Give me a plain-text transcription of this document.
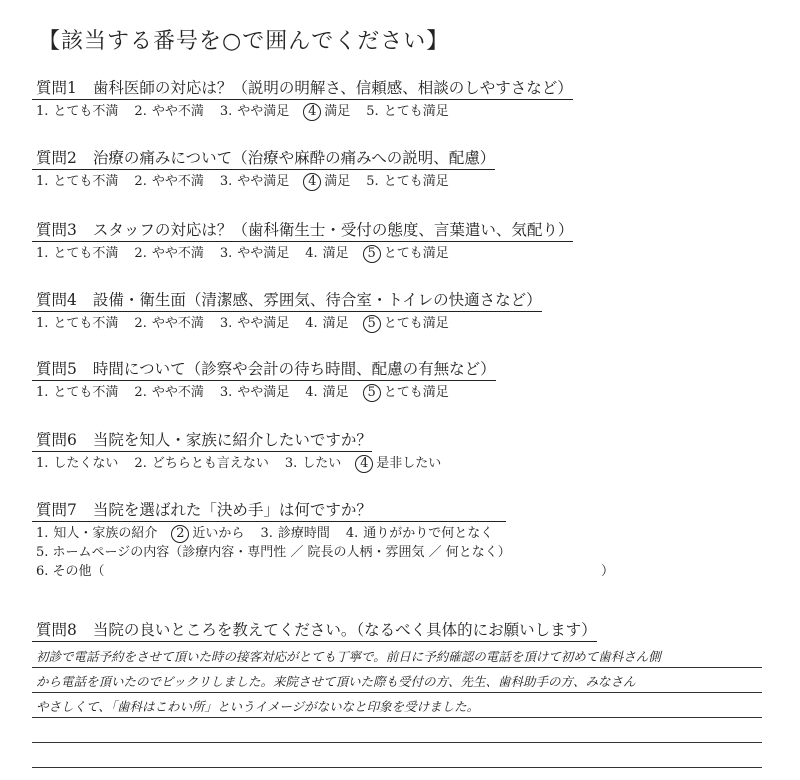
【該当する番号を○で囲んでください】
質問1 歯科医師の対応は？（説明の明解さ、信頼感、相談のしやすさなど）
1. とても不満 2. やや不満 3. やや満足 4 満足 5. とても満足
質問2 治療の痛みについて（治療や麻酔の痛みへの説明、配慮）
1. とても不満 2. やや不満 3. やや満足 4 満足 5. とても満足
質問3 スタッフの対応は？（歯科衛生士・受付の態度、言葉遣い、気配り）
1. とても不満 2. やや不満 3. やや満足 4. 満足 5 とても満足
質問4 設備・衛生面（清潔感、雰囲気、待合室・トイレの快適さなど）
1. とても不満 2. やや不満 3. やや満足 4. 満足 5 とても満足
質問5 時間について（診察や会計の待ち時間、配慮の有無など）
1. とても不満 2. やや不満 3. やや満足 4. 満足 5 とても満足
質問6 当院を知人・家族に紹介したいですか？
1. したくない 2. どちらとも言えない 3. したい 4 是非したい
質問7 当院を選ばれた「決め手」は何ですか？
1. 知人・家族の紹介 2 近いから 3. 診療時間 4. 通りがかりで何となく
5. ホームページの内容（診療内容・専門性 ／ 院長の人柄・雰囲気 ／ 何となく）
6. その他（	）
質問8 当院の良いところを教えてください。（なるべく具体的にお願いします）
初診で電話予約をさせて頂いた時の接客対応がとても丁寧で。前日に予約確認の電話を頂けて初めて歯科さん側
から電話を頂いたのでビックリしました。来院させて頂いた際も受付の方、先生、歯科助手の方、みなさん
やさしくて、「歯科はこわい所」というイメージがないなと印象を受けました。
